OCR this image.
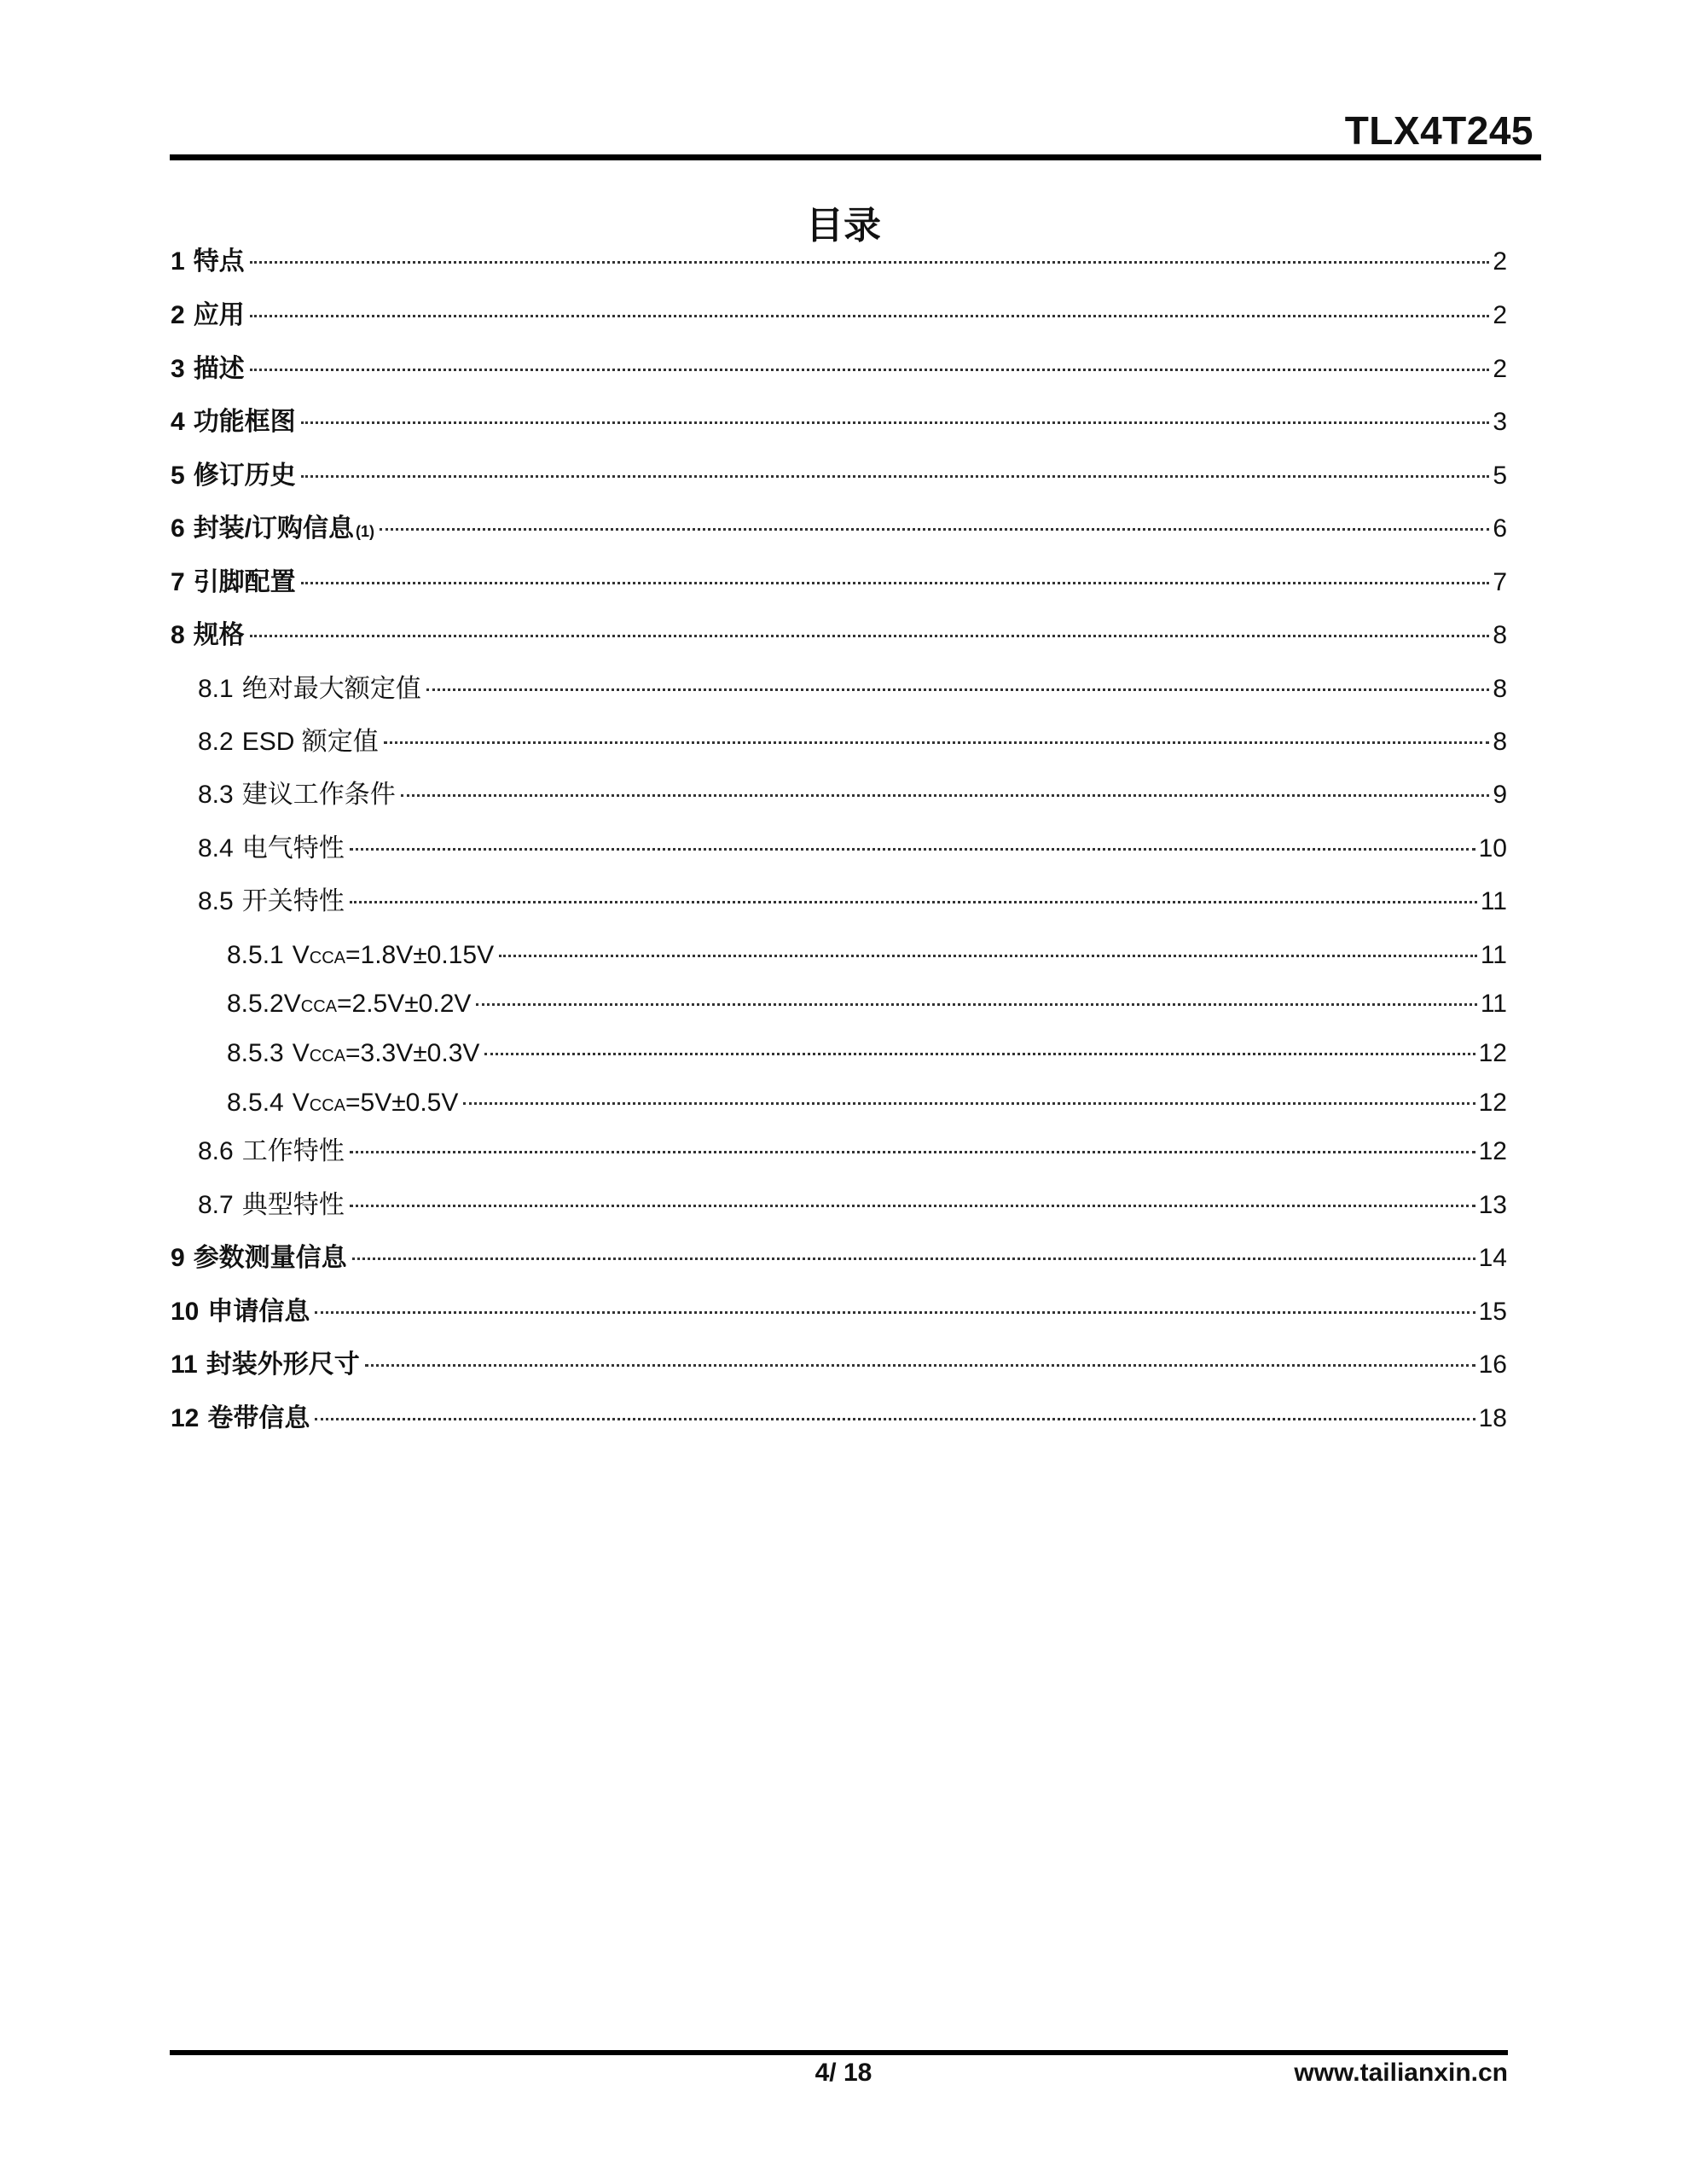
TLX4T245
目录
1 特点	2
2 应用	2
3 描述	2
4 功能框图	3
5 修订历史	5
6 封装/订购信息 (1)	6
7 引脚配置	7
8 规格	8
8.1 绝对最大额定值	8
8.2 ESD 额定值	8
8.3 建议工作条件	9
8.4 电气特性	10
8.5 开关特性	11
8.5.1 V CCA =1.8V±0.15V	11
8.5.2 V CCA =2.5V±0.2V	11
8.5.3 V CCA =3.3V±0.3V	12
8.5.4 V CCA =5V±0.5V	12
8.6 工作特性	12
8.7 典型特性	13
9 参数测量信息	14
10 申请信息	15
11 封装外形尺寸	16
12 卷带信息	18
4/ 18	www.tailianxin.cn
